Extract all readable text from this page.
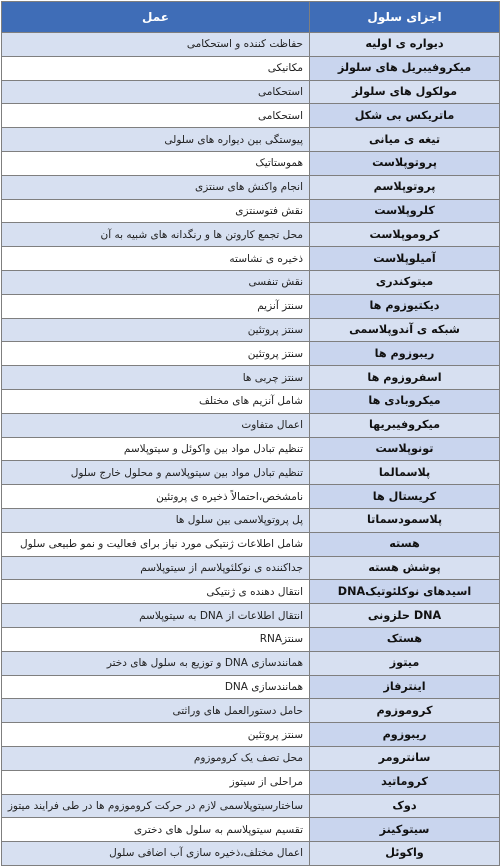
اجزای سلول	عمل
دیواره ی اولیه	حفاظت کننده و استحکامی
میکروفیبریل های سلولز	مکانیکی
مولکول های سلولز	استحکامی
ماتریکس بی شکل	استحکامی
تیغه ی میانی	پیوستگی بین دیواره های سلولی
پروتوپلاست	هموستاتیک
پروتوپلاسم	انجام واکنش های سنتزی
کلروپلاست	نقش فتوسنتزی
کروموپلاست	محل تجمع کاروتن ها و رنگدانه های شبیه به آن
آمیلوپلاست	ذخیره ی نشاسته
میتوکندری	نقش تنفسی
دیکتیوزوم ها	سنتز آنزیم
شبکه ی آندوپلاسمی	سنتز پروتئین
ریبوزوم ها	سنتز پروتئین
اسفروزوم ها	سنتز چربی ها
میکروبادی ها	شامل آنزیم های مختلف
میکروفیبریها	اعمال متفاوت
تونوپلاست	تنظیم تبادل مواد بین واکوئل و سیتوپلاسم
پلاسمالما	تنظیم تبادل مواد بین سیتوپلاسم و محلول خارج سلول
کریستال ها	نامشخص،احتمالاً ذخیره ی پروتئین
پلاسمودسماتا	پل پروتوپلاسمی بین سلول ها
هسته	شامل اطلاعات ژنتیکی مورد نیاز برای فعالیت و نمو طبیعی سلول
پوشش هسته	جداکننده ی نوکلئوپلاسم از سیتوپلاسم
اسیدهای نوکلئوتیکDNA	انتقال دهنده ی ژنتیکی
DNA حلزونی	انتقال اطلاعات از DNA به سیتوپلاسم
هستک	سنتزRNA
میتوز	همانندسازی DNA و توزیع به سلول های دختر
اینترفاز	همانندسازی DNA
کروموزوم	حامل دستورالعمل های وراثتی
ریبوزوم	سنتز پروتئین
سانترومر	محل تصف یک کروموزوم
کروماتید	مراحلی از سیتوز
دوک	ساختارسیتوپلاسمی لازم در حرکت کروموزوم ها در طی فرایند میتوز
سیتوکینز	تقسیم سیتوپلاسم به سلول های دختری
واکوئل	اعمال مختلف،ذخیره سازی آب اضافی سلول
